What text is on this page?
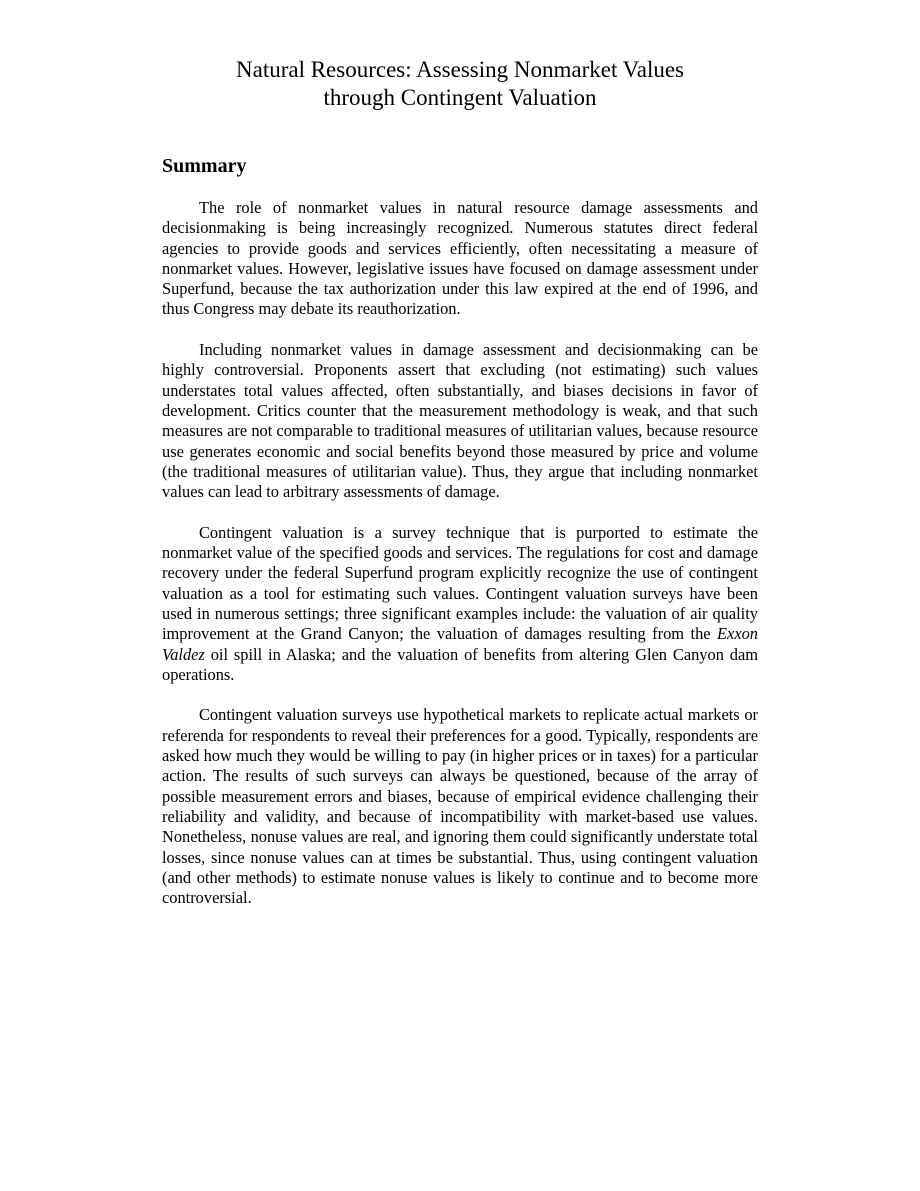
Natural Resources: Assessing Nonmarket Values
through Contingent Valuation
Summary

The role of nonmarket values in natural resource damage assessments and decisionmaking is being increasingly recognized. Numerous statutes direct federal agencies to provide goods and services efficiently, often necessitating a measure of nonmarket values. However, legislative issues have focused on damage assessment under Superfund, because the tax authorization under this law expired at the end of 1996, and thus Congress may debate its reauthorization.

Including nonmarket values in damage assessment and decisionmaking can be highly controversial. Proponents assert that excluding (not estimating) such values understates total values affected, often substantially, and biases decisions in favor of development. Critics counter that the measurement methodology is weak, and that such measures are not comparable to traditional measures of utilitarian values, because resource use generates economic and social benefits beyond those measured by price and volume (the traditional measures of utilitarian value). Thus, they argue that including nonmarket values can lead to arbitrary assessments of damage.

Contingent valuation is a survey technique that is purported to estimate the nonmarket value of the specified goods and services. The regulations for cost and damage recovery under the federal Superfund program explicitly recognize the use of contingent valuation as a tool for estimating such values. Contingent valuation surveys have been used in numerous settings; three significant examples include: the valuation of air quality improvement at the Grand Canyon; the valuation of damages resulting from the Exxon Valdez oil spill in Alaska; and the valuation of benefits from altering Glen Canyon dam operations.

Contingent valuation surveys use hypothetical markets to replicate actual markets or referenda for respondents to reveal their preferences for a good. Typically, respondents are asked how much they would be willing to pay (in higher prices or in taxes) for a particular action. The results of such surveys can always be questioned, because of the array of possible measurement errors and biases, because of empirical evidence challenging their reliability and validity, and because of incompatibility with market-based use values. Nonetheless, nonuse values are real, and ignoring them could significantly understate total losses, since nonuse values can at times be substantial. Thus, using contingent valuation (and other methods) to estimate nonuse values is likely to continue and to become more controversial.
